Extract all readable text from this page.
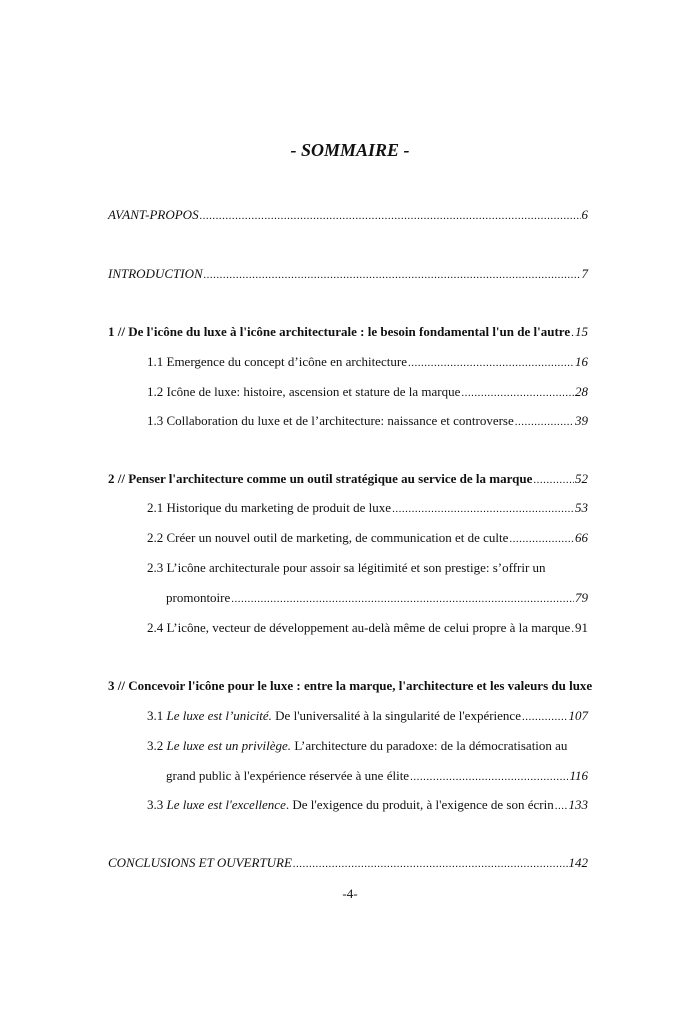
- SOMMAIRE -
AVANT-PROPOS .....	6
INTRODUCTION .....	7
1 // De l'icône du luxe à l'icône architecturale : le besoin fondamental l'un de l'autre ..... 15
1.1 Emergence du concept d’icône en architecture .....	16
1.2 Icône de luxe: histoire, ascension et stature de la marque .....	28
1.3 Collaboration du luxe et de l’architecture: naissance et controverse .....	39
2 // Penser l'architecture comme un outil stratégique au service de la marque .....	52
2.1 Historique du marketing de produit de luxe .....	53
2.2 Créer un nouvel outil de marketing, de communication et de culte .....	66
2.3 L’icône architecturale pour assoir sa légitimité et son prestige: s’offrir un
promontoire .....	79
2.4 L’icône, vecteur de développement au-delà même de celui propre à la marque ..... 91
3 // Concevoir l'icône pour le luxe : entre la marque, l'architecture et les valeurs du luxe
3.1 Le luxe est l’unicité. De l'universalité à la singularité de l'expérience .....	107
3.2 Le luxe est un privilège. L’architecture du paradoxe: de la démocratisation au
grand public à l'expérience réservée à une élite .....	116
3.3 Le luxe est l'excellence. De l'exigence du produit, à l'exigence de son écrin ..... 133
CONCLUSIONS ET OUVERTURE .....	142
-4-
